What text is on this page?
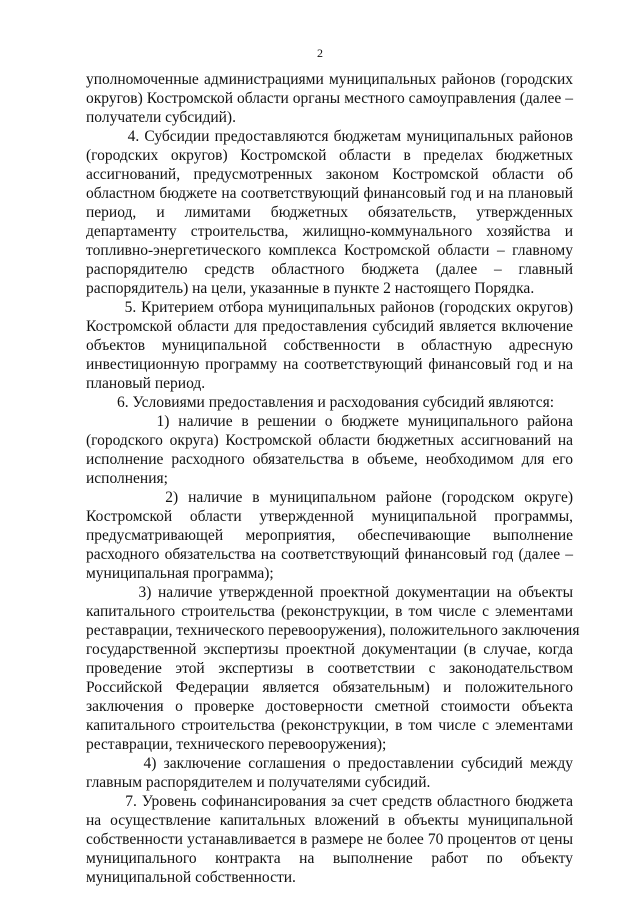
2

уполномоченные администрациями муниципальных районов (городских
округов) Костромской области органы местного самоуправления (далее –
получатели субсидий).

4. Субсидии предоставляются бюджетам муниципальных районов
(городских округов) Костромской области в пределах бюджетных
ассигнований, предусмотренных законом Костромской области об
областном бюджете на соответствующий финансовый год и на плановый
период, и лимитами бюджетных обязательств, утвержденных
департаменту строительства, жилищно-коммунального хозяйства и
топливно-энергетического комплекса Костромской области – главному
распорядителю средств областного бюджета (далее – главный
распорядитель) на цели, указанные в пункте 2 настоящего Порядка.

5. Критерием отбора муниципальных районов (городских округов)
Костромской области для предоставления субсидий является включение
объектов муниципальной собственности в областную адресную
инвестиционную программу на соответствующий финансовый год и на
плановый период.

6. Условиями предоставления и расходования субсидий являются:

1) наличие в решении о бюджете муниципального района
(городского округа) Костромской области бюджетных ассигнований на
исполнение расходного обязательства в объеме, необходимом для его
исполнения;

2) наличие в муниципальном районе (городском округе)
Костромской области утвержденной муниципальной программы,
предусматривающей мероприятия, обеспечивающие выполнение
расходного обязательства на соответствующий финансовый год (далее –
муниципальная программа);

3) наличие утвержденной проектной документации на объекты
капитального строительства (реконструкции, в том числе с элементами
реставрации, технического перевооружения), положительного заключения
государственной экспертизы проектной документации (в случае, когда
проведение этой экспертизы в соответствии с законодательством
Российской Федерации является обязательным) и положительного
заключения о проверке достоверности сметной стоимости объекта
капитального строительства (реконструкции, в том числе с элементами
реставрации, технического перевооружения);

4) заключение соглашения о предоставлении субсидий между
главным распорядителем и получателями субсидий.

7. Уровень софинансирования за счет средств областного бюджета
на осуществление капитальных вложений в объекты муниципальной
собственности устанавливается в размере не более 70 процентов от цены
муниципального контракта на выполнение работ по объекту
муниципальной собственности.
